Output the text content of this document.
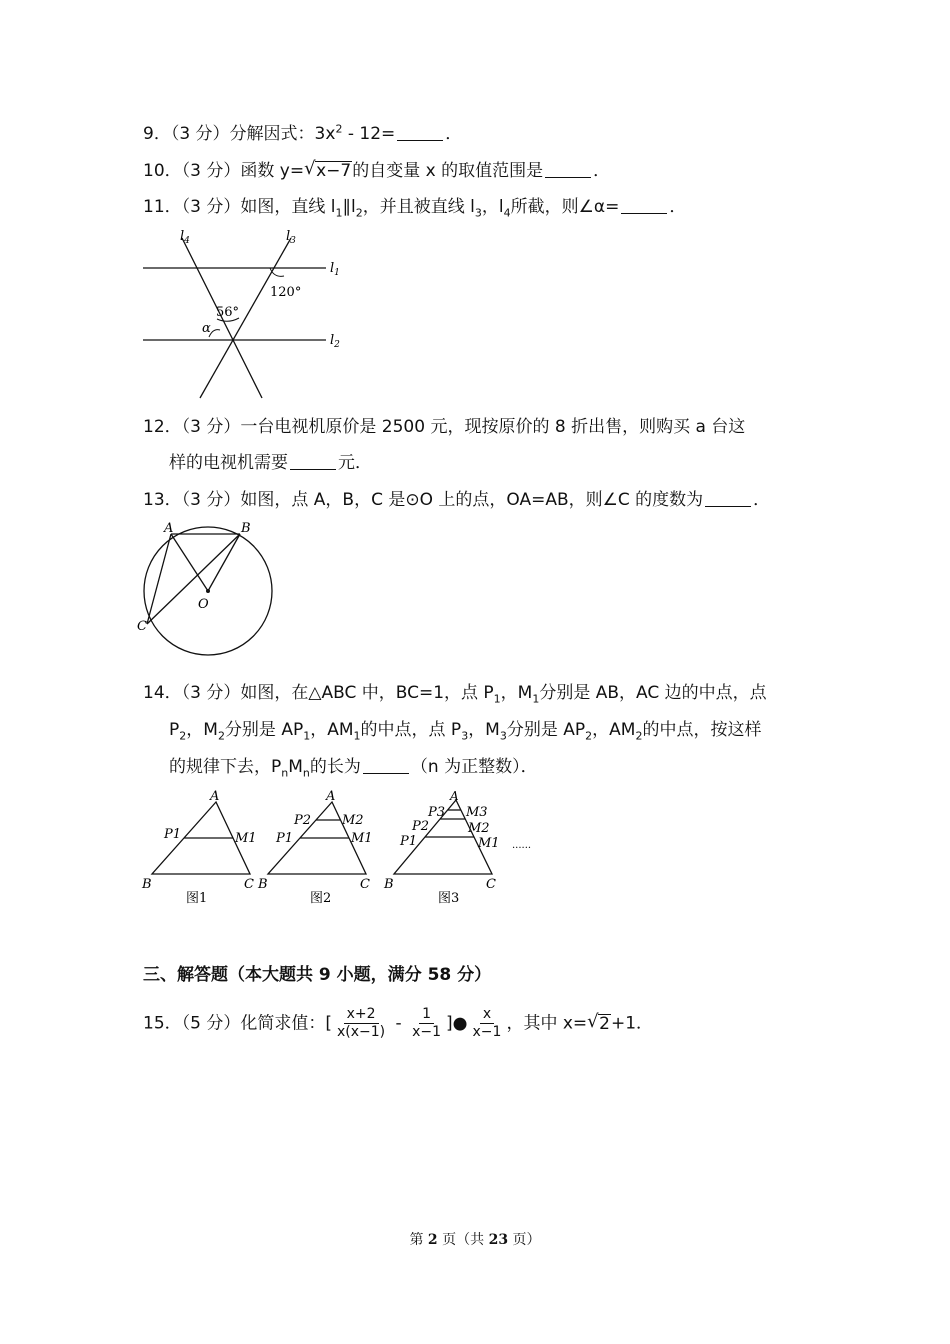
9．（3 分）分解因式：$3x^2 - 12=$	．
10．（3 分）函数 y= √ x−7的自变量 x 的取值范围是	．
11．（3 分）如图，直线 $l_1\parallel l_2$，并且被直线 $l_3$，$l_4$所截，则∠α=	．
$l_4$	$l_3$
$l_1$
$l_2$
120°
56°
α
12．（3 分）一台电视机原价是 2500 元，现按原价的 8 折出售，则购买 a 台这
样的电视机需要	元．
13．（3 分）如图，点 A，B，C 是⊙O 上的点，OA=AB，则∠C 的度数为	．
A	B
C
O
14．（3 分）如图，在△ABC 中，BC=1，点 $P_1$，$M_1$分别是 AB，AC 边的中点，点
$P_2$，$M_2$分别是 $AP_1$，$AM_1$的中点，点 $P_3$，$M_3$分别是 $AP_2$，$AM_2$的中点，按这样
的规律下去，$P_nM_n$的长为	（n 为正整数）．
A
B	C
P1	M1
图1
A
B	C
P1	M1
P2 M2
图2
A
B	C
P1	M1
P2	M2
P3 M3
图3
......
三、解答题（本大题共 9 小题，满分 58 分）
15．（5 分）化简求值：[ $\frac{x+2}{x(x-1)} - \frac{1}{x-1}$ ]● $\frac{x}{x-1}$ ，其中 x= √ 2+1．
第 2 页（共 23 页）
